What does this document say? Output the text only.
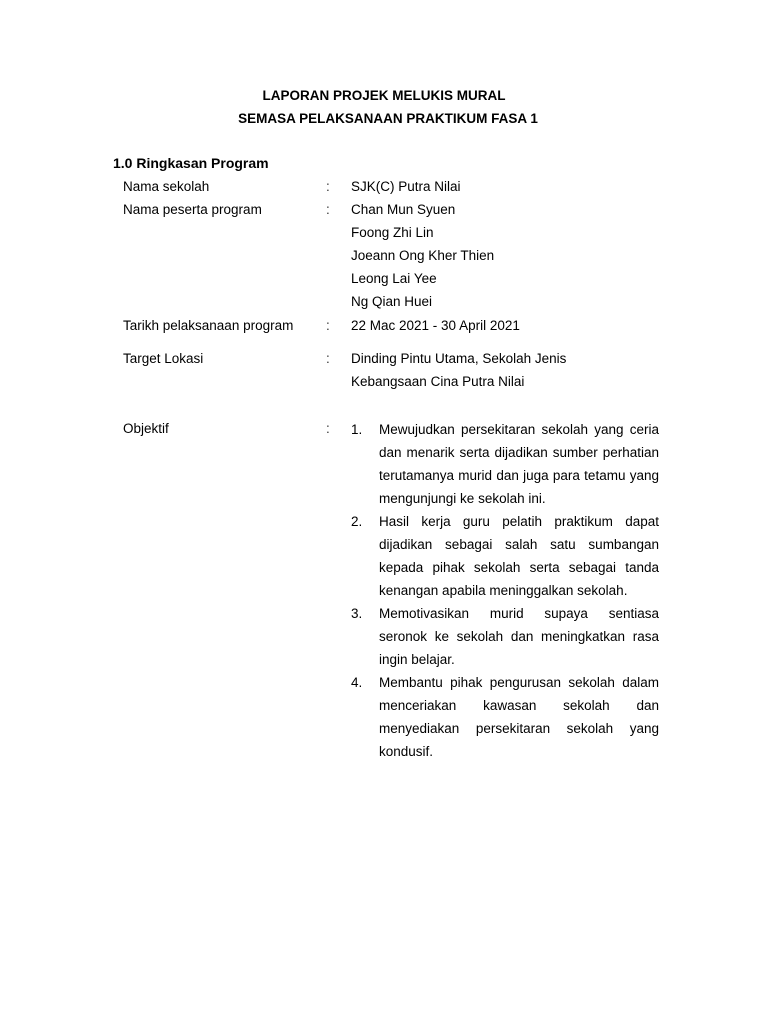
LAPORAN PROJEK MELUKIS MURAL
SEMASA PELAKSANAAN PRAKTIKUM FASA 1
1.0 Ringkasan Program
Nama sekolah	: SJK(C) Putra Nilai
Nama peserta program	: Chan Mun Syuen
Foong Zhi Lin
Joeann Ong Kher Thien
Leong Lai Yee
Ng Qian Huei
Tarikh pelaksanaan program : 22 Mac 2021 - 30 April 2021
Target Lokasi	: Dinding Pintu Utama, Sekolah Jenis
Kebangsaan Cina Putra Nilai
Objektif	: 1. Mewujudkan persekitaran sekolah yang ceria dan menarik serta dijadikan sumber perhatian terutamanya murid dan juga para tetamu yang mengunjungi ke sekolah ini.
2. Hasil kerja guru pelatih praktikum dapat dijadikan sebagai salah satu sumbangan kepada pihak sekolah serta sebagai tanda kenangan apabila meninggalkan sekolah.
3. Memotivasikan murid supaya sentiasa seronok ke sekolah dan meningkatkan rasa ingin belajar.
4. Membantu pihak pengurusan sekolah dalam menceriakan kawasan sekolah dan menyediakan persekitaran sekolah yang kondusif.
